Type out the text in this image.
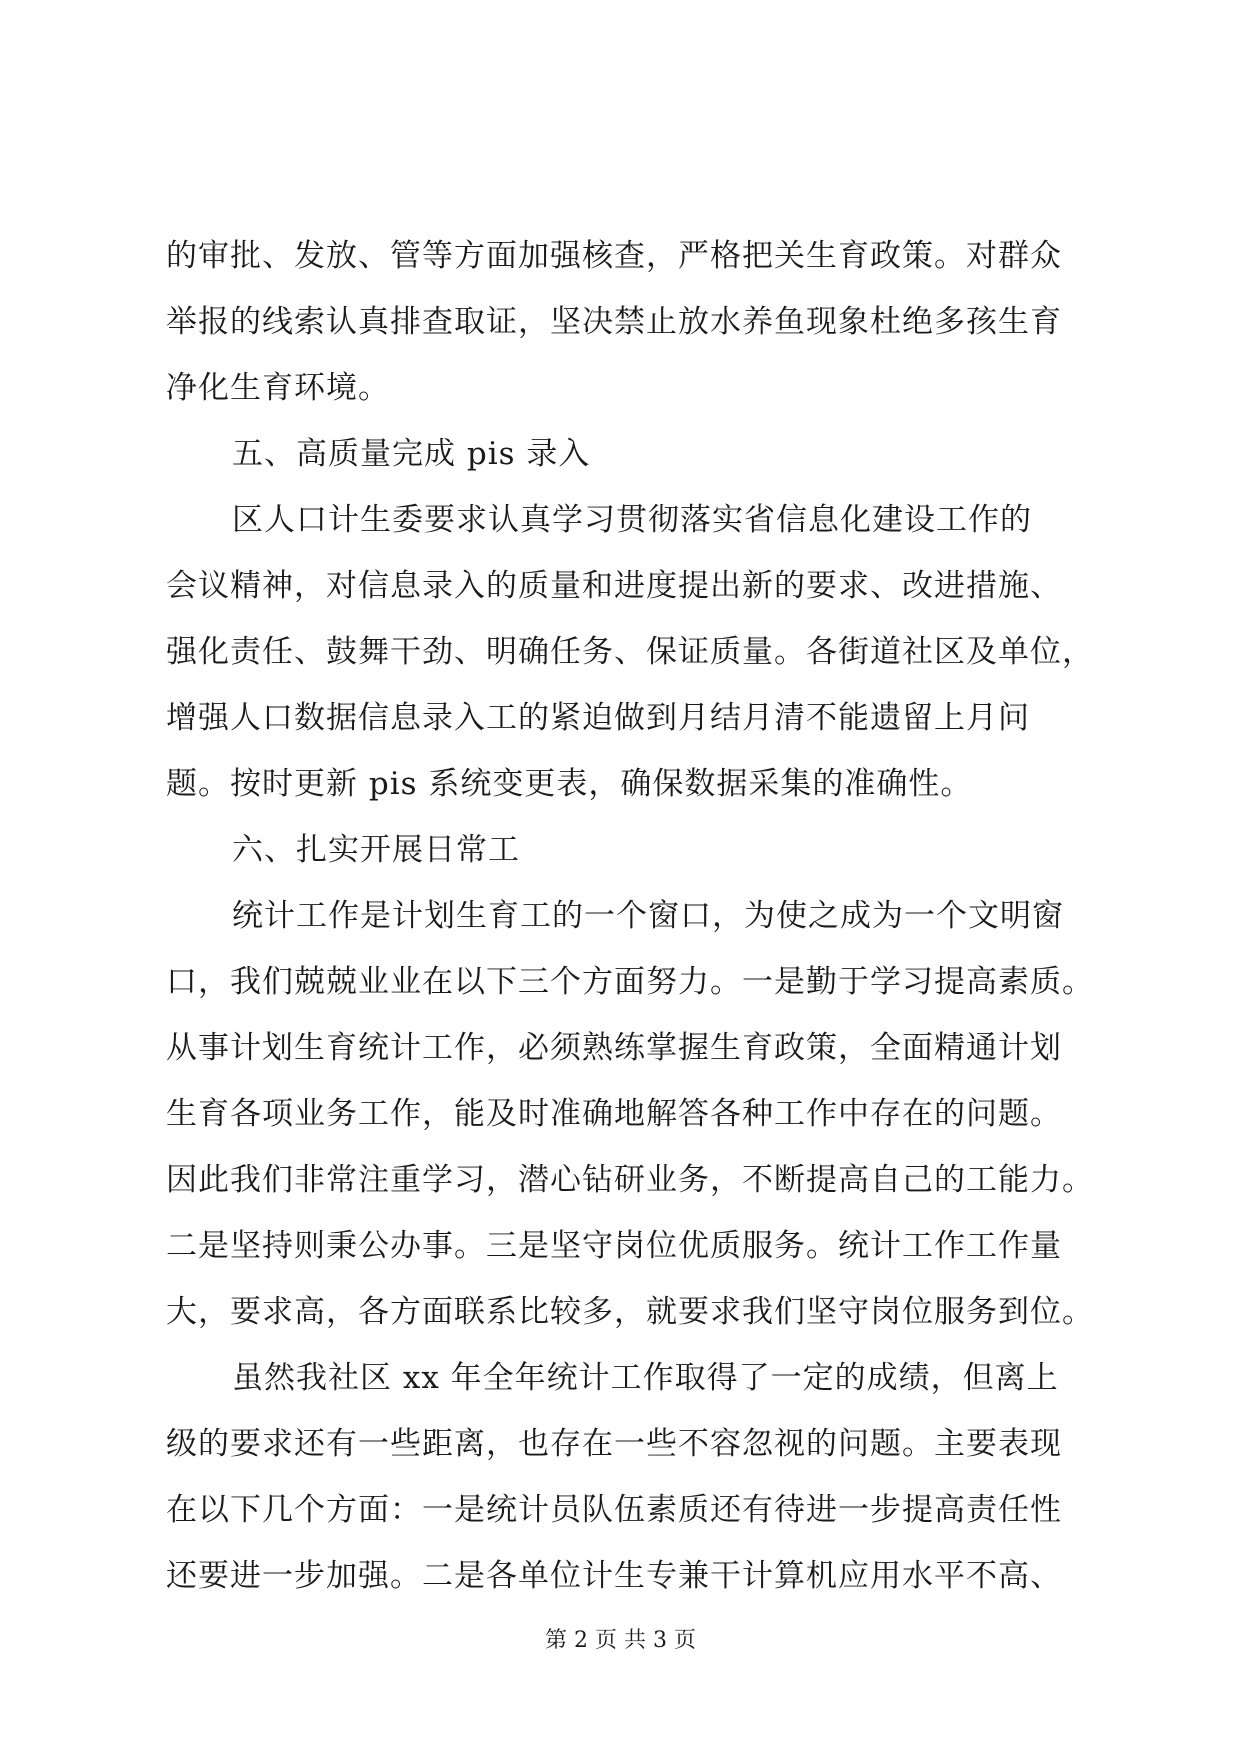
的审批、发放、管等方面加强核查，严格把关生育政策。对群众
举报的线索认真排查取证，坚决禁止放水养鱼现象杜绝多孩生育
净化生育环境。
五、高质量完成 pis 录入
区人口计生委要求认真学习贯彻落实省信息化建设工作的
会议精神，对信息录入的质量和进度提出新的要求、改进措施、
强化责任、鼓舞干劲、明确任务、保证质量。各街道社区及单位，
增强人口数据信息录入工的紧迫做到月结月清不能遗留上月问
题。按时更新 pis 系统变更表，确保数据采集的准确性。
六、扎实开展日常工
统计工作是计划生育工的一个窗口，为使之成为一个文明窗
口，我们兢兢业业在以下三个方面努力。一是勤于学习提高素质。
从事计划生育统计工作，必须熟练掌握生育政策，全面精通计划
生育各项业务工作，能及时准确地解答各种工作中存在的问题。
因此我们非常注重学习，潜心钻研业务，不断提高自己的工能力。
二是坚持则秉公办事。三是坚守岗位优质服务。统计工作工作量
大，要求高，各方面联系比较多，就要求我们坚守岗位服务到位。
虽然我社区 xx 年全年统计工作取得了一定的成绩，但离上
级的要求还有一些距离，也存在一些不容忽视的问题。主要表现
在以下几个方面：一是统计员队伍素质还有待进一步提高责任性
还要进一步加强。二是各单位计生专兼干计算机应用水平不高、
第 2 页 共 3 页
